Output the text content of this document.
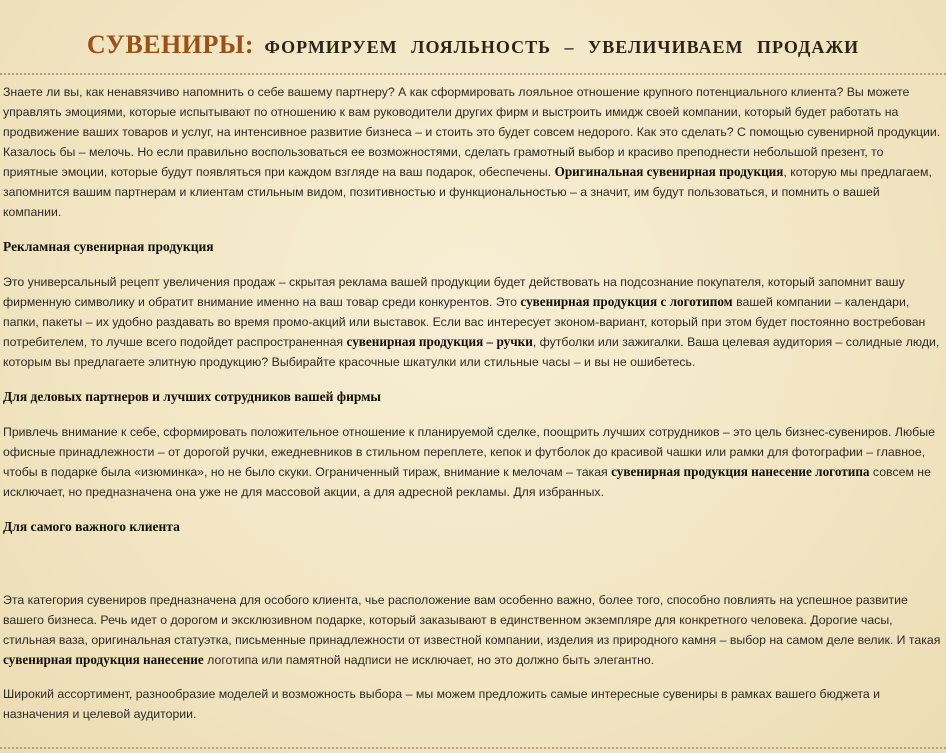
СУВЕНИРЫ: ФОРМИРУЕМ ЛОЯЛЬНОСТЬ – УВЕЛИЧИВАЕМ ПРОДАЖИ

Знаете ли вы, как ненавязчиво напомнить о себе вашему партнеру? А как сформировать лояльное отношение крупного потенциального клиента? Вы можете управлять эмоциями, которые испытывают по отношению к вам руководители других фирм и выстроить имидж своей компании, который будет работать на продвижение ваших товаров и услуг, на интенсивное развитие бизнеса – и стоить это будет совсем недорого. Как это сделать? С помощью сувенирной продукции. Казалось бы – мелочь. Но если правильно воспользоваться ее возможностями, сделать грамотный выбор и красиво преподнести небольшой презент, то приятные эмоции, которые будут появляться при каждом взгляде на ваш подарок, обеспечены. Оригинальная сувенирная продукция, которую мы предлагаем, запомнится вашим партнерам и клиентам стильным видом, позитивностью и функциональностью – а значит, им будут пользоваться, и помнить о вашей компании.

Рекламная сувенирная продукция

Это универсальный рецепт увеличения продаж – скрытая реклама вашей продукции будет действовать на подсознание покупателя, который запомнит вашу фирменную символику и обратит внимание именно на ваш товар среди конкурентов. Это сувенирная продукция с логотипом вашей компании – календари, папки, пакеты – их удобно раздавать во время промо-акций или выставок. Если вас интересует эконом-вариант, который при этом будет постоянно востребован потребителем, то лучше всего подойдет распространенная сувенирная продукция – ручки, футболки или зажигалки. Ваша целевая аудитория – солидные люди, которым вы предлагаете элитную продукцию? Выбирайте красочные шкатулки или стильные часы – и вы не ошибетесь.

Для деловых партнеров и лучших сотрудников вашей фирмы

Привлечь внимание к себе, сформировать положительное отношение к планируемой сделке, поощрить лучших сотрудников – это цель бизнес-сувениров. Любые офисные принадлежности – от дорогой ручки, ежедневников в стильном переплете, кепок и футболок до красивой чашки или рамки для фотографии – главное, чтобы в подарке была «изюминка», но не было скуки. Ограниченный тираж, внимание к мелочам – такая сувенирная продукция нанесение логотипа совсем не исключает, но предназначена она уже не для массовой акции, а для адресной рекламы. Для избранных.

Для самого важного клиента

Эта категория сувениров предназначена для особого клиента, чье расположение вам особенно важно, более того, способно повлиять на успешное развитие вашего бизнеса. Речь идет о дорогом и эксклюзивном подарке, который заказывают в единственном экземпляре для конкретного человека. Дорогие часы, стильная ваза, оригинальная статуэтка, письменные принадлежности от известной компании, изделия из природного камня – выбор на самом деле велик. И такая сувенирная продукция нанесение логотипа или памятной надписи не исключает, но это должно быть элегантно.

Широкий ассортимент, разнообразие моделей и возможность выбора – мы можем предложить самые интересные сувениры в рамках вашего бюджета и назначения и целевой аудитории.
